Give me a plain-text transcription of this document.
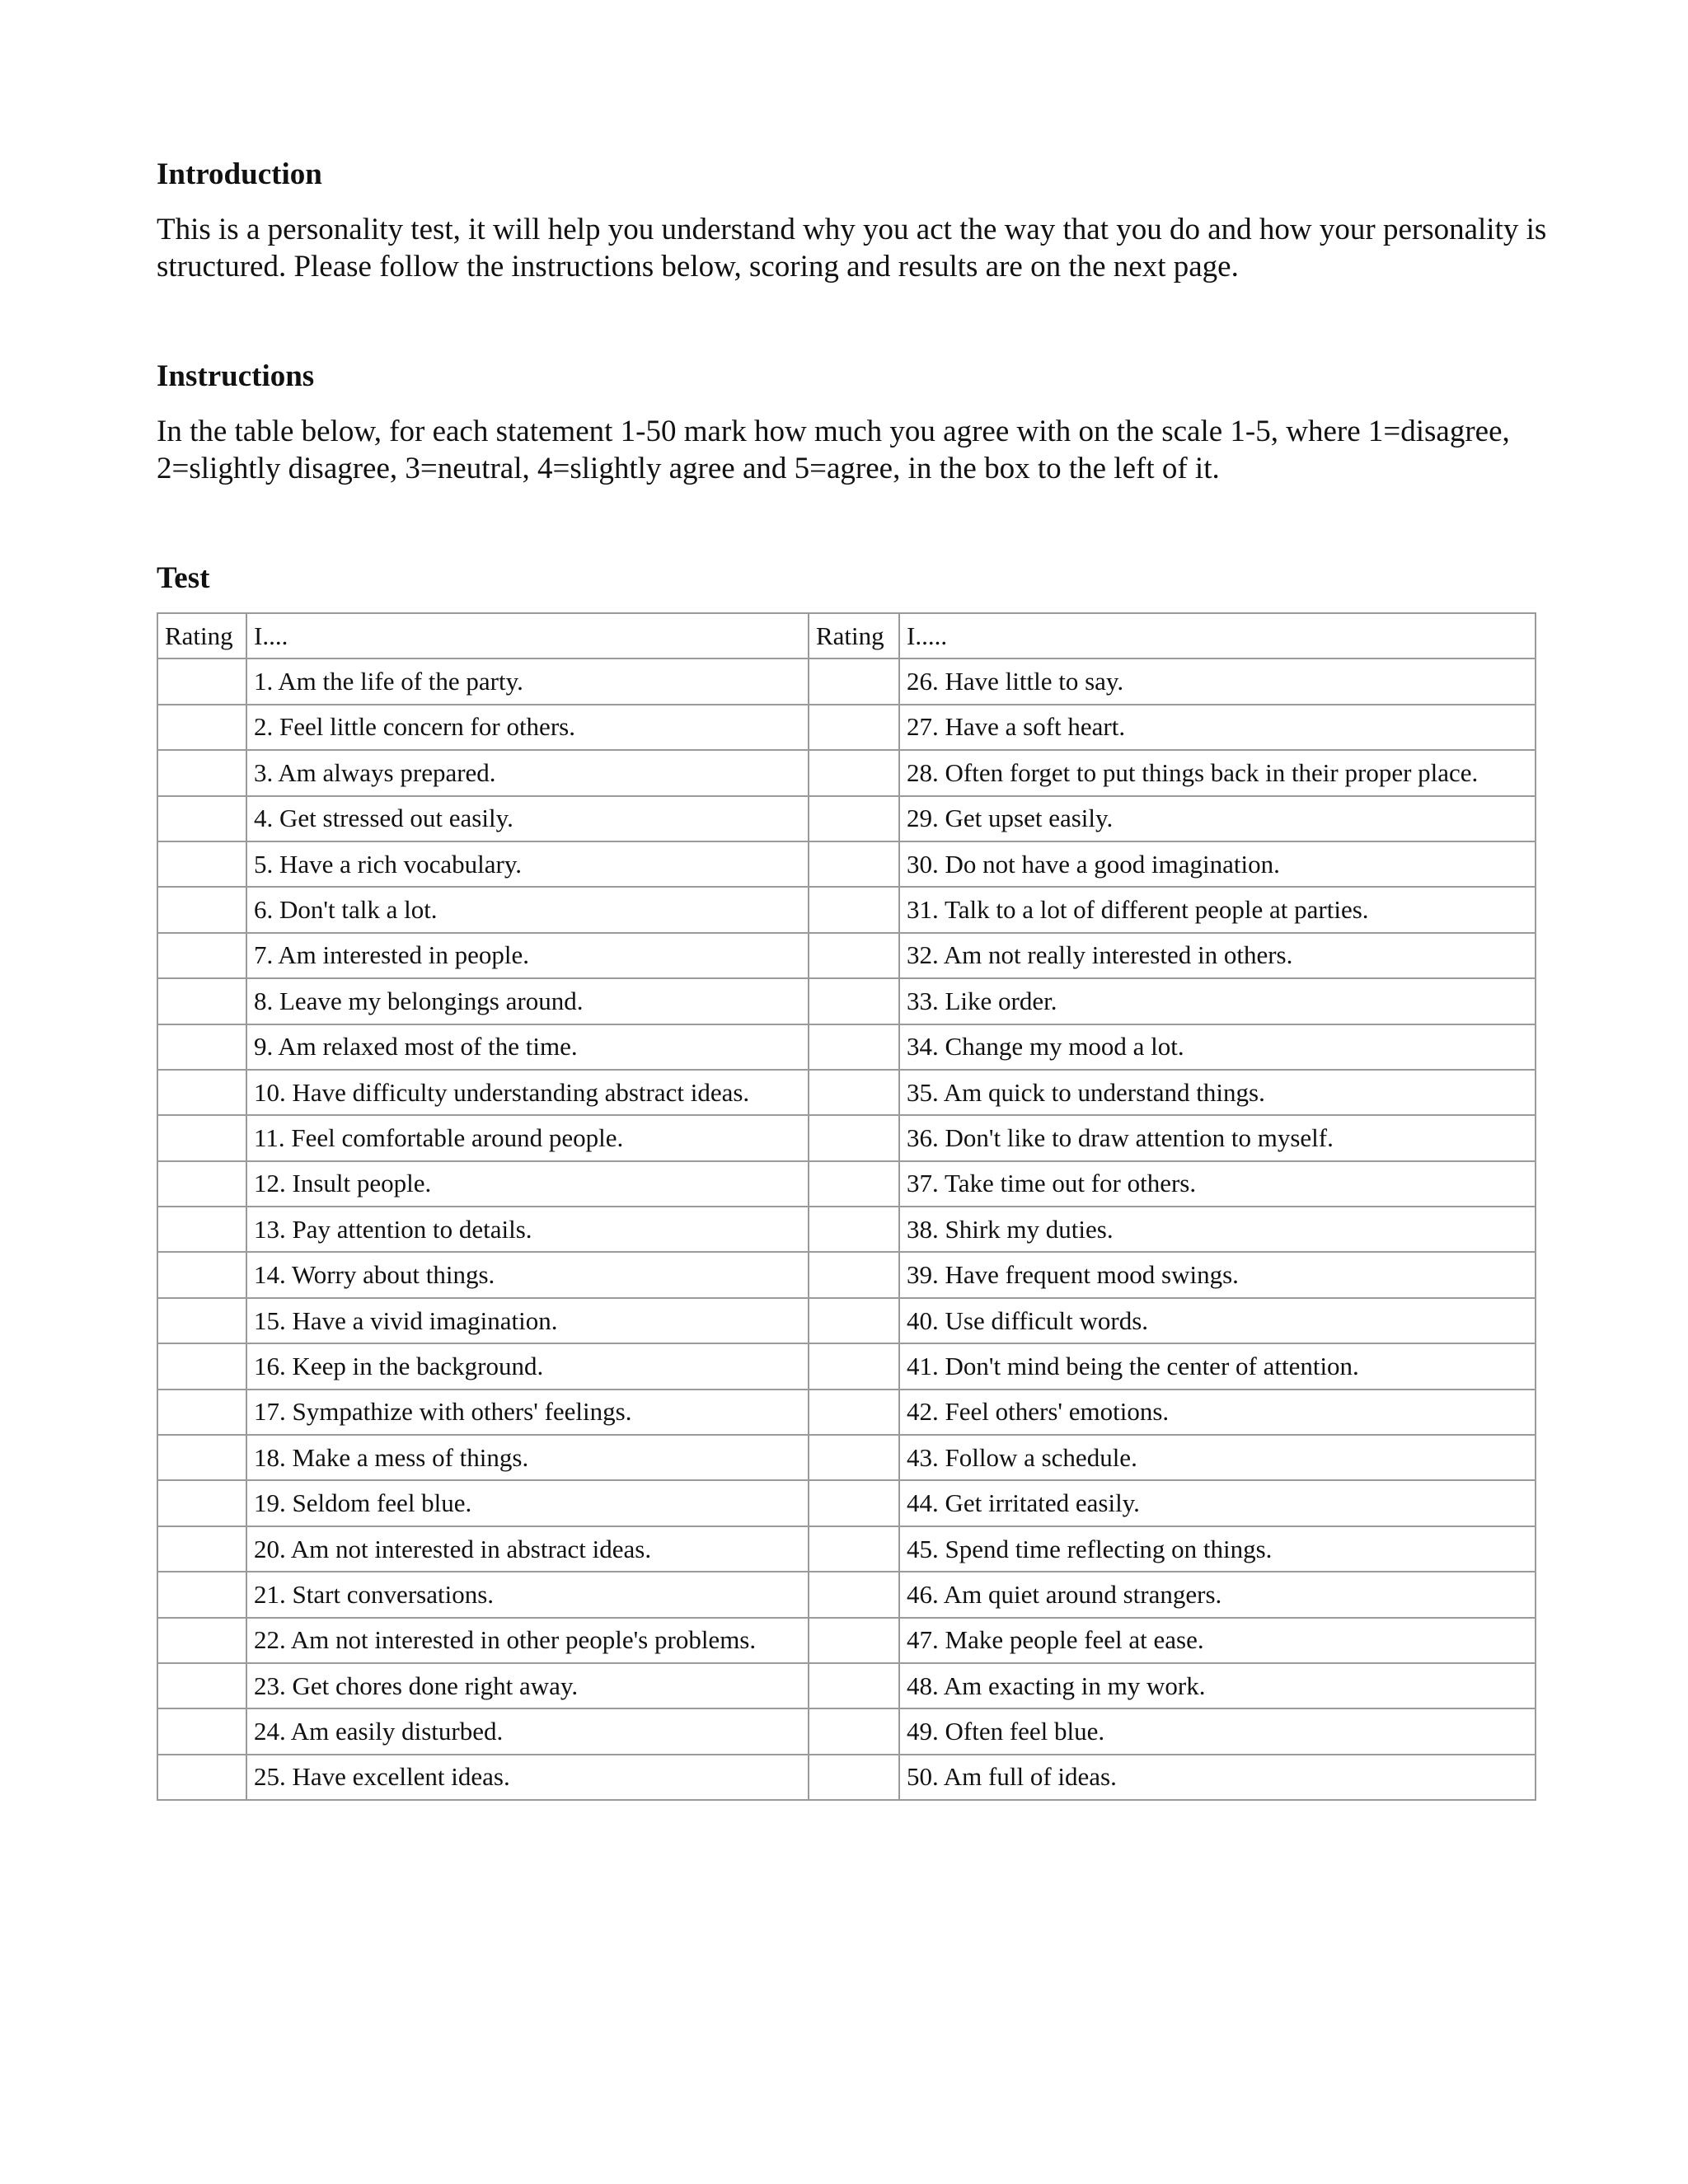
Introduction

This is a personality test, it will help you understand why you act the way that you do and how your personality is structured. Please follow the instructions below, scoring and results are on the next page.

Instructions

In the table below, for each statement 1-50 mark how much you agree with on the scale 1-5, where 1=disagree, 2=slightly disagree, 3=neutral, 4=slightly agree and 5=agree, in the box to the left of it.

Test
Rating	I....	Rating	I.....
	1. Am the life of the party.		26. Have little to say.
	2. Feel little concern for others.		27. Have a soft heart.
	3. Am always prepared.		28. Often forget to put things back in their proper place.
	4. Get stressed out easily.		29. Get upset easily.
	5. Have a rich vocabulary.		30. Do not have a good imagination.
	6. Don't talk a lot.		31. Talk to a lot of different people at parties.
	7. Am interested in people.		32. Am not really interested in others.
	8. Leave my belongings around.		33. Like order.
	9. Am relaxed most of the time.		34. Change my mood a lot.
	10. Have difficulty understanding abstract ideas.		35. Am quick to understand things.
	11. Feel comfortable around people.		36. Don't like to draw attention to myself.
	12. Insult people.		37. Take time out for others.
	13. Pay attention to details.		38. Shirk my duties.
	14. Worry about things.		39. Have frequent mood swings.
	15. Have a vivid imagination.		40. Use difficult words.
	16. Keep in the background.		41. Don't mind being the center of attention.
	17. Sympathize with others' feelings.		42. Feel others' emotions.
	18. Make a mess of things.		43. Follow a schedule.
	19. Seldom feel blue.		44. Get irritated easily.
	20. Am not interested in abstract ideas.		45. Spend time reflecting on things.
	21. Start conversations.		46. Am quiet around strangers.
	22. Am not interested in other people's problems.		47. Make people feel at ease.
	23. Get chores done right away.		48. Am exacting in my work.
	24. Am easily disturbed.		49. Often feel blue.
	25. Have excellent ideas.		50. Am full of ideas.
